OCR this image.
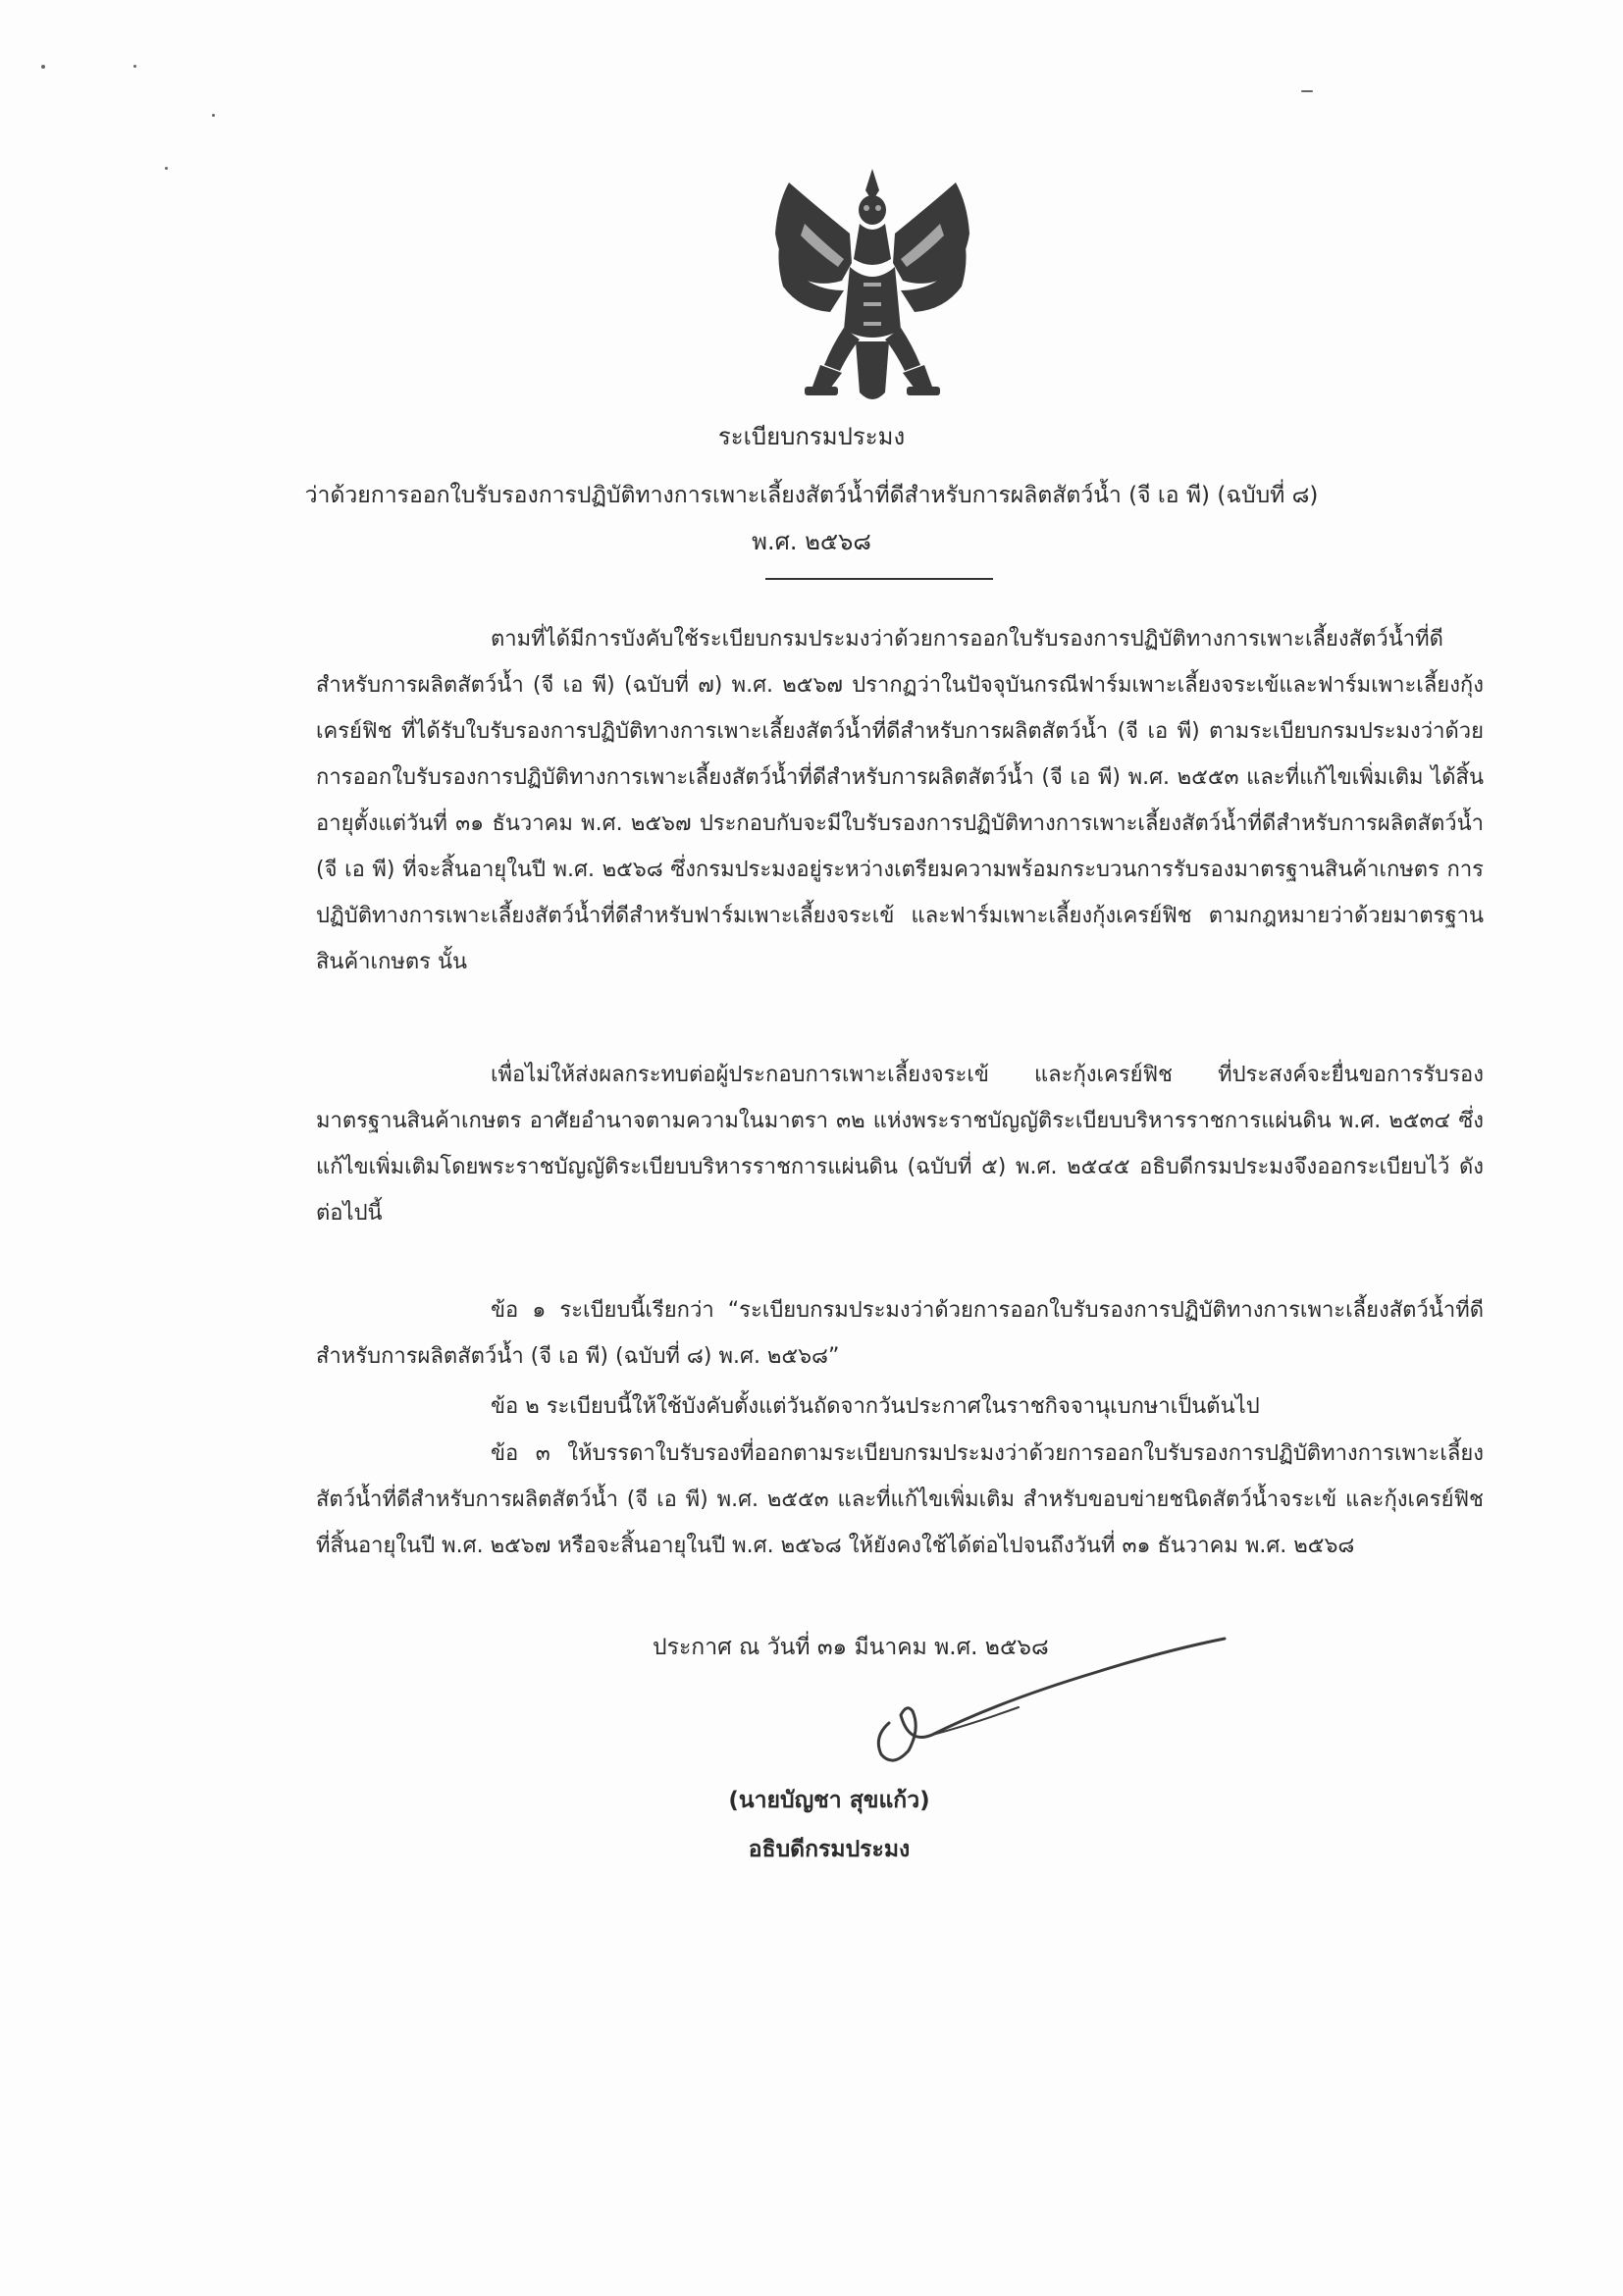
ระเบียบกรมประมง
ว่าด้วยการออกใบรับรองการปฏิบัติทางการเพาะเลี้ยงสัตว์น้ำที่ดีสำหรับการผลิตสัตว์น้ำ (จี เอ พี) (ฉบับที่ ๘)
พ.ศ. ๒๕๖๘

ตามที่ได้มีการบังคับใช้ระเบียบกรมประมงว่าด้วยการออกใบรับรองการปฏิบัติทางการเพาะเลี้ยงสัตว์น้ำที่ดีสำหรับการผลิตสัตว์น้ำ (จี เอ พี) (ฉบับที่ ๗) พ.ศ. ๒๕๖๗ ปรากฏว่าในปัจจุบันกรณีฟาร์มเพาะเลี้ยงจระเข้และฟาร์มเพาะเลี้ยงกุ้งเครย์ฟิช ที่ได้รับใบรับรองการปฏิบัติทางการเพาะเลี้ยงสัตว์น้ำที่ดีสำหรับการผลิตสัตว์น้ำ (จี เอ พี) ตามระเบียบกรมประมงว่าด้วยการออกใบรับรองการปฏิบัติทางการเพาะเลี้ยงสัตว์น้ำที่ดีสำหรับการผลิตสัตว์น้ำ (จี เอ พี) พ.ศ. ๒๕๕๓ และที่แก้ไขเพิ่มเติม ได้สิ้นอายุตั้งแต่วันที่ ๓๑ ธันวาคม พ.ศ. ๒๕๖๗ ประกอบกับจะมีใบรับรองการปฏิบัติทางการเพาะเลี้ยงสัตว์น้ำที่ดีสำหรับการผลิตสัตว์น้ำ (จี เอ พี) ที่จะสิ้นอายุในปี พ.ศ. ๒๕๖๘ ซึ่งกรมประมงอยู่ระหว่างเตรียมความพร้อมกระบวนการรับรองมาตรฐานสินค้าเกษตร การปฏิบัติทางการเพาะเลี้ยงสัตว์น้ำที่ดีสำหรับฟาร์มเพาะเลี้ยงจระเข้ และฟาร์มเพาะเลี้ยงกุ้งเครย์ฟิช ตามกฎหมายว่าด้วยมาตรฐานสินค้าเกษตร นั้น

เพื่อไม่ให้ส่งผลกระทบต่อผู้ประกอบการเพาะเลี้ยงจระเข้ และกุ้งเครย์ฟิช ที่ประสงค์จะยื่นขอการรับรองมาตรฐานสินค้าเกษตร อาศัยอำนาจตามความในมาตรา ๓๒ แห่งพระราชบัญญัติระเบียบบริหารราชการแผ่นดิน พ.ศ. ๒๕๓๔ ซึ่งแก้ไขเพิ่มเติมโดยพระราชบัญญัติระเบียบบริหารราชการแผ่นดิน (ฉบับที่ ๕) พ.ศ. ๒๕๔๕ อธิบดีกรมประมงจึงออกระเบียบไว้ ดังต่อไปนี้

ข้อ ๑ ระเบียบนี้เรียกว่า “ระเบียบกรมประมงว่าด้วยการออกใบรับรองการปฏิบัติทางการเพาะเลี้ยงสัตว์น้ำที่ดีสำหรับการผลิตสัตว์น้ำ (จี เอ พี) (ฉบับที่ ๘) พ.ศ. ๒๕๖๘”

ข้อ ๒ ระเบียบนี้ให้ใช้บังคับตั้งแต่วันถัดจากวันประกาศในราชกิจจานุเบกษาเป็นต้นไป

ข้อ ๓ ให้บรรดาใบรับรองที่ออกตามระเบียบกรมประมงว่าด้วยการออกใบรับรองการปฏิบัติทางการเพาะเลี้ยงสัตว์น้ำที่ดีสำหรับการผลิตสัตว์น้ำ (จี เอ พี) พ.ศ. ๒๕๕๓ และที่แก้ไขเพิ่มเติม สำหรับขอบข่ายชนิดสัตว์น้ำจระเข้ และกุ้งเครย์ฟิช ที่สิ้นอายุในปี พ.ศ. ๒๕๖๗ หรือจะสิ้นอายุในปี พ.ศ. ๒๕๖๘ ให้ยังคงใช้ได้ต่อไปจนถึงวันที่ ๓๑ ธันวาคม พ.ศ. ๒๕๖๘

ประกาศ ณ วันที่ ๓๑ มีนาคม พ.ศ. ๒๕๖๘
(นายบัญชา สุขแก้ว)
อธิบดีกรมประมง
